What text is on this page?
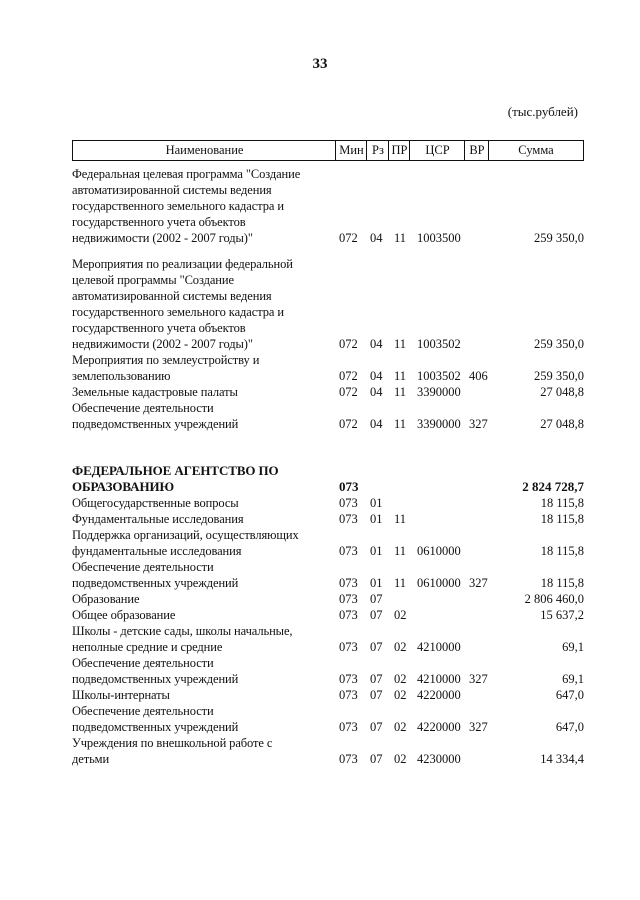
33
(тыс.рублей)
Наименование	Мин Рз ПР	ЦСР	ВР	Сумма
Федеральная целевая программа "Создание
автоматизированной системы ведения
государственного земельного кадастра и
государственного учета объектов
недвижимости (2002 - 2007 годы)"	072 04 11 1003500	259 350,0
Мероприятия по реализации федеральной
целевой программы "Создание
автоматизированной системы ведения
государственного земельного кадастра и
государственного учета объектов
недвижимости (2002 - 2007 годы)"	072 04 11 1003502	259 350,0
Мероприятия по землеустройству и
землепользованию	072 04 11 1003502 406	259 350,0
Земельные кадастровые палаты	072 04 11 3390000	27 048,8
Обеспечение деятельности
подведомственных учреждений	072 04 11 3390000 327	27 048,8
ФЕДЕРАЛЬНОЕ АГЕНТСТВО ПО
ОБРАЗОВАНИЮ	073	2 824 728,7
Общегосударственные вопросы	073 01	18 115,8
Фундаментальные исследования	073 01 11	18 115,8
Поддержка организаций, осуществляющих
фундаментальные исследования	073 01 11 0610000	18 115,8
Обеспечение деятельности
подведомственных учреждений	073 01 11 0610000 327	18 115,8
Образование	073 07	2 806 460,0
Общее образование	073 07 02	15 637,2
Школы - детские сады, школы начальные,
неполные средние и средние	073 07 02 4210000	69,1
Обеспечение деятельности
подведомственных учреждений	073 07 02 4210000 327	69,1
Школы-интернаты	073 07 02 4220000	647,0
Обеспечение деятельности
подведомственных учреждений	073 07 02 4220000 327	647,0
Учреждения по внешкольной работе с
детьми	073 07 02 4230000	14 334,4
